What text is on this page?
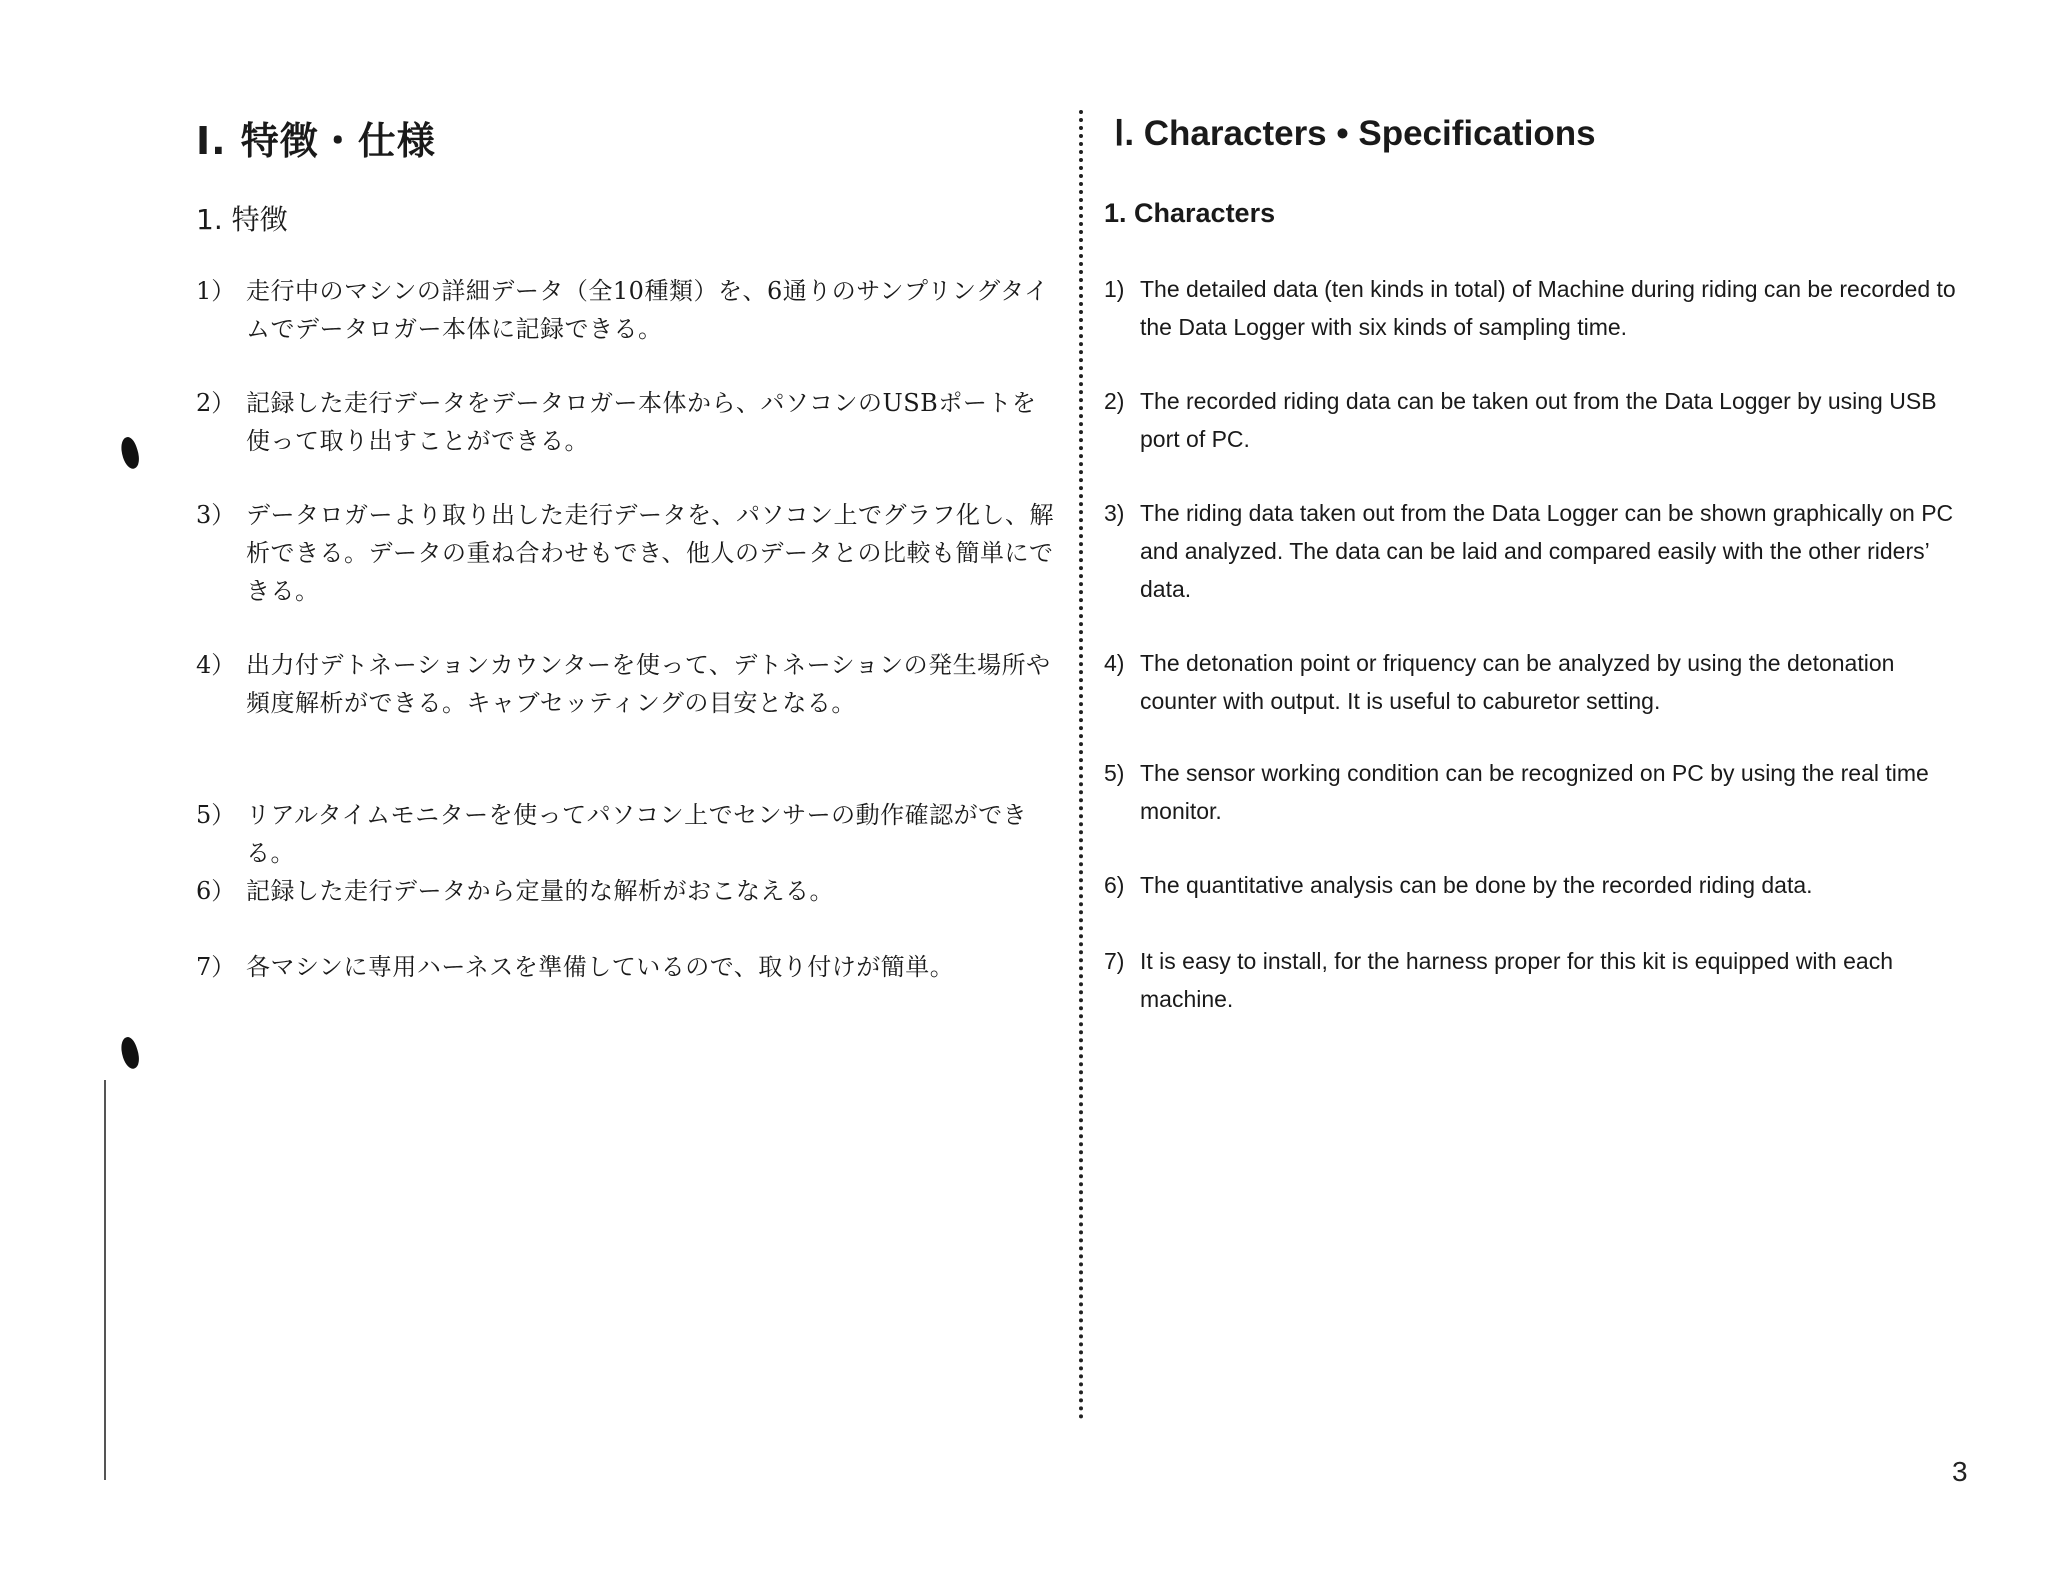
Ⅰ. 特徴・仕様
1. 特徴
1） 走行中のマシンの詳細データ（全10種類）を、6通りのサンプリングタイムでデータロガー本体に記録できる。
2） 記録した走行データをデータロガー本体から、パソコンのUSBポートを使って取り出すことができる。
3） データロガーより取り出した走行データを、パソコン上でグラフ化し、解析できる。データの重ね合わせもでき、他人のデータとの比較も簡単にできる。
4） 出力付デトネーションカウンターを使って、デトネーションの発生場所や頻度解析ができる。キャブセッティングの目安となる。
5） リアルタイムモニターを使ってパソコン上でセンサーの動作確認ができる。
6） 記録した走行データから定量的な解析がおこなえる。
7） 各マシンに専用ハーネスを準備しているので、取り付けが簡単。
Ⅰ. Characters • Specifications
1. Characters
1) The detailed data (ten kinds in total) of Machine during riding can be recorded to the Data Logger with six kinds of sampling time.
2) The recorded riding data can be taken out from the Data Logger by using USB port of PC.
3) The riding data taken out from the Data Logger can be shown graphically on PC and analyzed. The data can be laid and compared easily with the other riders’ data.
4) The detonation point or friquency can be analyzed by using the detonation counter with output. It is useful to caburetor setting.
5) The sensor working condition can be recognized on PC by using the real time monitor.
6) The quantitative analysis can be done by the recorded riding data.
7) It is easy to install, for the harness proper for this kit is equipped with each machine.
3
